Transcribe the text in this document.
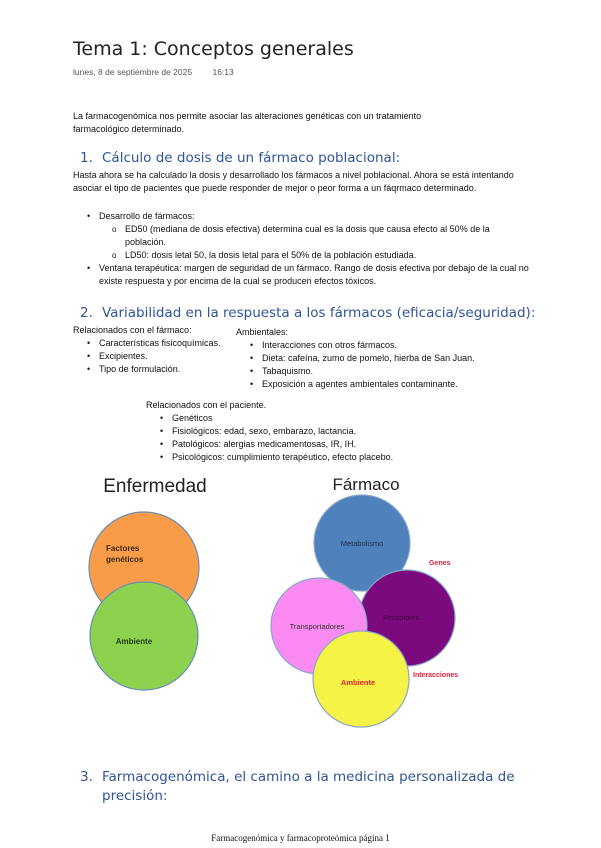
Tema 1: Conceptos generales
lunes, 8 de septiembre de 2025 16:13
La farmacogenómica nos permite asociar las alteraciones genéticas con un tratamiento farmacológico determinado.
1. Cálculo de dosis de un fármaco poblacional:
Hasta ahora se ha calculado la dosis y desarrollado los fármacos a nivel poblacional. Ahora se está intentando asociar el tipo de pacientes que puede responder de mejor o peor forma a un fáqrmaco determinado.
• Desarrollo de fármacos:
o ED50 (mediana de dosis efectiva) determina cual es la dosis que causa efecto al 50% de la población.
o LD50: dosis letal 50, la dosis letal para el 50% de la población estudiada.
• Ventana terapéutica: margen de seguridad de un fármaco. Rango de dosis efectiva por debajo de la cual no existe respuesta y por encima de la cual se producen efectos tóxicos.
2. Variabilidad en la respuesta a los fármacos (eficacia/seguridad):
Relacionados con el fármaco:
• Características fisicoquímicas.
• Excipientes.
• Tipo de formulación.
Ambientales:
• Interacciones con otros fármacos.
• Dieta: cafeína, zumo de pomelo, hierba de San Juan.
• Tabaquismo.
• Exposición a agentes ambientales contaminante.
Relacionados con el paciente.
• Genéticos
• Fisiológicos: edad, sexo, embarazo, lactancia.
• Patológicos: alergias medicamentosas, IR, IH.
• Psicológicos: cumplimiento terapéutico, efecto placebo.
Enfermedad
Factores
genéticos
Ambiente
Fármaco
Metabolismo
Receptores
Transportadores
Ambiente
Genes
Interacciones
3. Farmacogenómica, el camino a la medicina personalizada de
precisión:
Farmacogenómica y farmacoproteómica página 1
